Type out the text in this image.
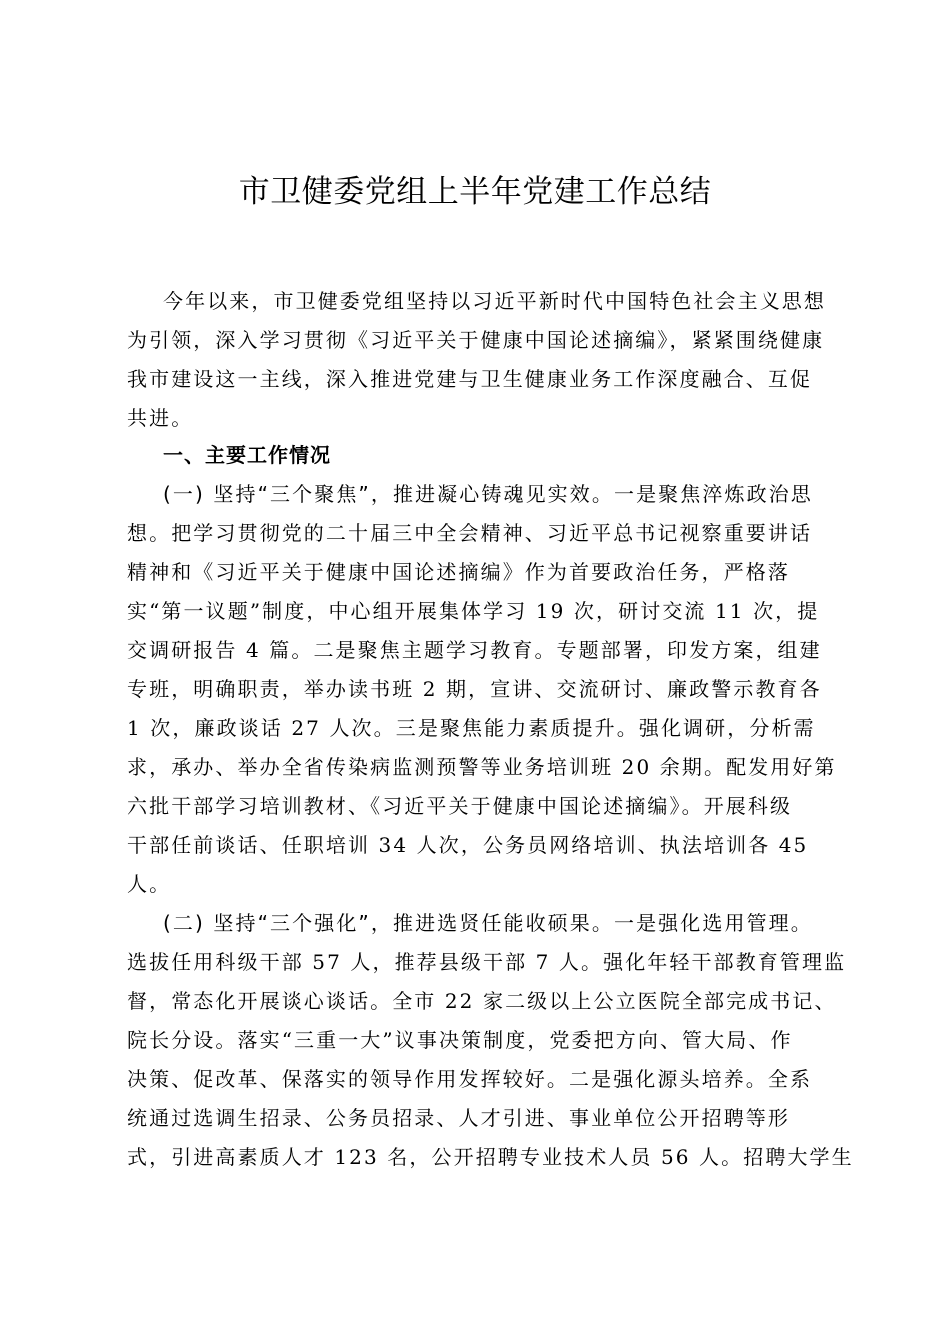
市卫健委党组上半年党建工作总结
今年以来，市卫健委党组坚持以习近平新时代中国特色社会主义思想
为引领，深入学习贯彻《习近平关于健康中国论述摘编》，紧紧围绕健康
我市建设这一主线，深入推进党建与卫生健康业务工作深度融合、互促
共进。
一、主要工作情况
(一) 坚持“三个聚焦”，推进凝心铸魂见实效。一是聚焦淬炼政治思
想。把学习贯彻党的二十届三中全会精神、习近平总书记视察重要讲话
精神和《习近平关于健康中国论述摘编》作为首要政治任务，严格落
实“第一议题”制度，中心组开展集体学习 19 次，研讨交流 11 次，提
交调研报告 4 篇。二是聚焦主题学习教育。专题部署，印发方案，组建
专班，明确职责，举办读书班 2 期，宣讲、交流研讨、廉政警示教育各
1 次，廉政谈话 27 人次。三是聚焦能力素质提升。强化调研，分析需
求，承办、举办全省传染病监测预警等业务培训班 20 余期。配发用好第
六批干部学习培训教材、《习近平关于健康中国论述摘编》。开展科级
干部任前谈话、任职培训 34 人次，公务员网络培训、执法培训各 45
人。
(二) 坚持“三个强化”，推进选贤任能收硕果。一是强化选用管理。
选拔任用科级干部 57 人，推荐县级干部 7 人。强化年轻干部教育管理监
督，常态化开展谈心谈话。全市 22 家二级以上公立医院全部完成书记、
院长分设。落实“三重一大”议事决策制度，党委把方向、管大局、作
决策、促改革、保落实的领导作用发挥较好。二是强化源头培养。全系
统通过选调生招录、公务员招录、人才引进、事业单位公开招聘等形
式，引进高素质人才 123 名，公开招聘专业技术人员 56 人。招聘大学生
